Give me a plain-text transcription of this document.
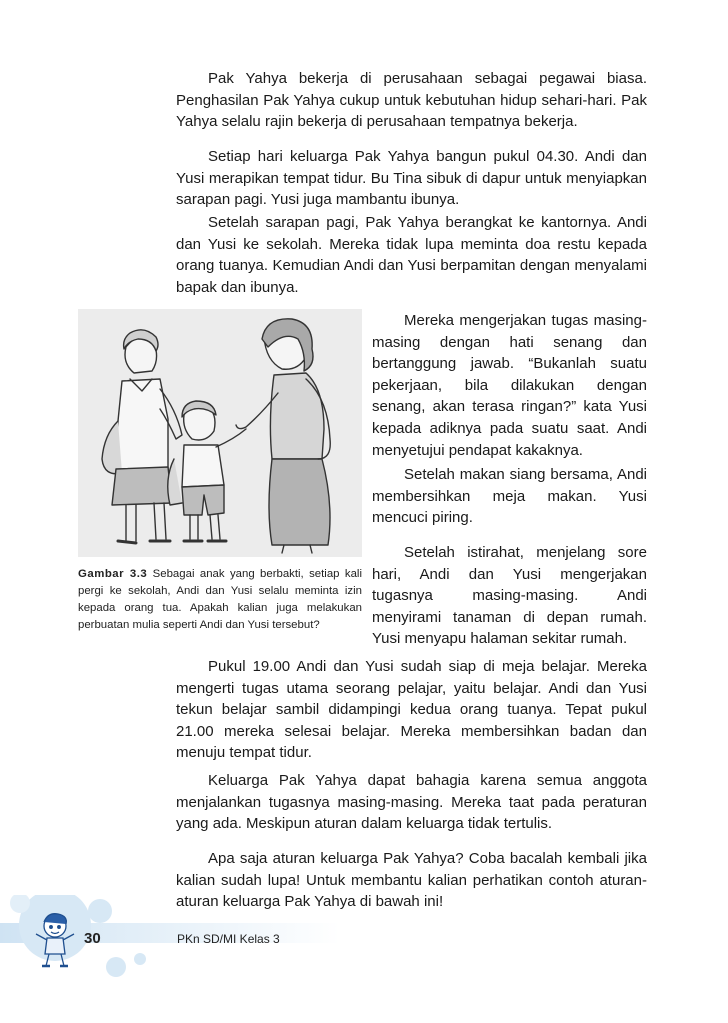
Pak Yahya bekerja di perusahaan sebagai pegawai biasa. Penghasilan Pak Yahya cukup untuk kebutuhan hidup sehari-hari. Pak Yahya selalu rajin bekerja di perusahaan tempatnya bekerja.

Setiap hari keluarga Pak Yahya bangun pukul 04.30. Andi dan Yusi merapikan tempat tidur. Bu Tina sibuk di dapur untuk menyiapkan sarapan pagi. Yusi juga mambantu ibunya.

Setelah sarapan pagi, Pak Yahya berangkat ke kantornya. Andi dan Yusi ke sekolah. Mereka tidak lupa meminta doa restu kepada orang tuanya. Kemudian Andi dan Yusi berpamitan dengan menyalami bapak dan ibunya.

Mereka mengerjakan tugas masing-masing dengan hati senang dan bertanggung jawab. “Bukanlah suatu pekerjaan, bila dilakukan dengan senang, akan terasa ringan?” kata Yusi kepada adiknya pada suatu saat. Andi menyetujui pendapat kakaknya.

Setelah makan siang bersama, Andi membersihkan meja makan. Yusi mencuci piring.

Setelah istirahat, menjelang sore hari, Andi dan Yusi mengerjakan tugasnya masing-masing. Andi menyirami tanaman di depan rumah. Yusi menyapu halaman sekitar rumah.

Gambar 3.3 Sebagai anak yang berbakti, setiap kali pergi ke sekolah, Andi dan Yusi selalu meminta izin kepada orang tua. Apakah kalian juga melakukan perbuatan mulia seperti Andi dan Yusi tersebut?

Pukul 19.00 Andi dan Yusi sudah siap di meja belajar. Mereka mengerti tugas utama seorang pelajar, yaitu belajar. Andi dan Yusi tekun belajar sambil didampingi kedua orang tuanya. Tepat pukul 21.00 mereka selesai belajar. Mereka membersihkan badan dan menuju tempat tidur.

Keluarga Pak Yahya dapat bahagia karena semua anggota menjalankan tugasnya masing-masing. Mereka taat pada peraturan yang ada. Meskipun aturan dalam keluarga tidak tertulis.

Apa saja aturan keluarga Pak Yahya? Coba bacalah kembali jika kalian sudah lupa! Untuk membantu kalian perhatikan contoh aturan-aturan keluarga Pak Yahya di bawah ini!

30	PKn SD/MI Kelas 3
